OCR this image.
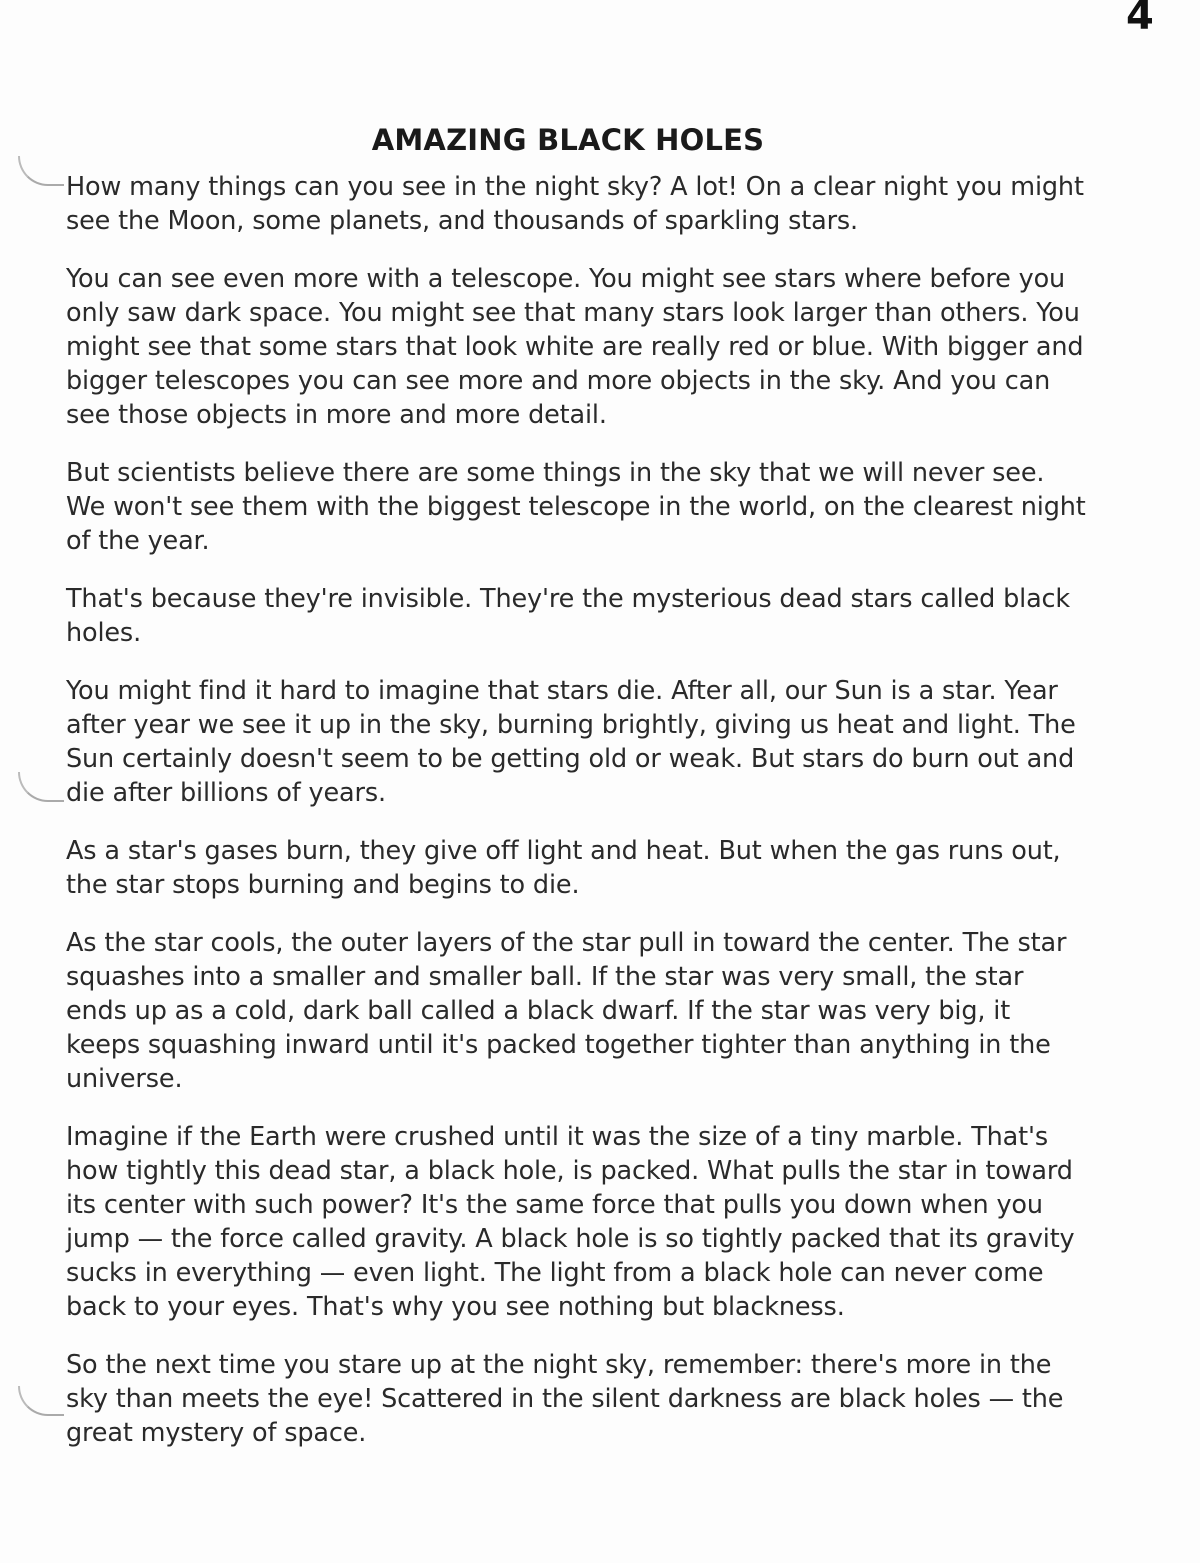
4
AMAZING BLACK HOLES

How many things can you see in the night sky? A lot! On a clear night you might see the Moon, some planets, and thousands of sparkling stars.

You can see even more with a telescope. You might see stars where before you only saw dark space. You might see that many stars look larger than others. You might see that some stars that look white are really red or blue. With bigger and bigger telescopes you can see more and more objects in the sky. And you can see those objects in more and more detail.

But scientists believe there are some things in the sky that we will never see. We won't see them with the biggest telescope in the world, on the clearest night of the year.

That's because they're invisible. They're the mysterious dead stars called black holes.

You might find it hard to imagine that stars die. After all, our Sun is a star. Year after year we see it up in the sky, burning brightly, giving us heat and light. The Sun certainly doesn't seem to be getting old or weak. But stars do burn out and die after billions of years.

As a star's gases burn, they give off light and heat. But when the gas runs out, the star stops burning and begins to die.

As the star cools, the outer layers of the star pull in toward the center. The star squashes into a smaller and smaller ball. If the star was very small, the star ends up as a cold, dark ball called a black dwarf. If the star was very big, it keeps squashing inward until it's packed together tighter than anything in the universe.

Imagine if the Earth were crushed until it was the size of a tiny marble. That's how tightly this dead star, a black hole, is packed. What pulls the star in toward its center with such power? It's the same force that pulls you down when you jump — the force called gravity. A black hole is so tightly packed that its gravity sucks in everything — even light. The light from a black hole can never come back to your eyes. That's why you see nothing but blackness.

So the next time you stare up at the night sky, remember: there's more in the sky than meets the eye! Scattered in the silent darkness are black holes — the great mystery of space.
